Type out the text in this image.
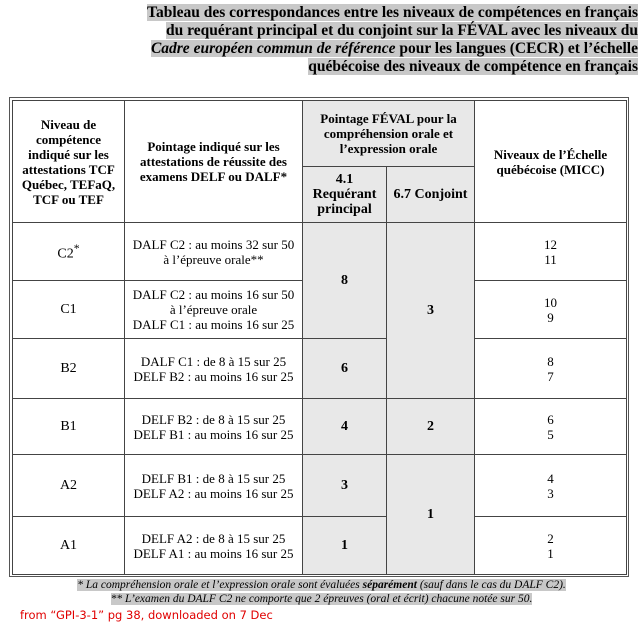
Tableau des correspondances entre les niveaux de compétences en français
du requérant principal et du conjoint sur la FÉVAL avec les niveaux du
Cadre européen commun de référence pour les langues (CECR) et l’échelle
québécoise des niveaux de compétence en français
Niveau de compétence indiqué sur les attestations TCF Québec, TEFaQ, TCF ou TEF	Pointage indiqué sur les attestations de réussite des examens DELF ou DALF*	Pointage FÉVAL pour la compréhension orale et l’expression orale		Niveaux de l’Échelle québécoise (MICC)
		4.1 Requérant principal	6.7 Conjoint	
C2*	DALF C2 : au moins 32 sur 50
à l’épreuve orale**	8	3	12
11
C1	DALF C2 : au moins 16 sur 50
à l’épreuve orale
DALF C1 : au moins 16 sur 25			10
9
B2	DALF C1 : de 8 à 15 sur 25
DELF B2 : au moins 16 sur 25	6		8
7
B1	DELF B2 : de 8 à 15 sur 25
DELF B1 : au moins 16 sur 25	4	2	6
5
A2	DELF B1 : de 8 à 15 sur 25
DELF A2 : au moins 16 sur 25	3	1	4
3
A1	DELF A2 : de 8 à 15 sur 25
DELF A1 : au moins 16 sur 25	1		2
1
* La compréhension orale et l’expression orale sont évaluées séparément (sauf dans le cas du DALF C2).
** L’examen du DALF C2 ne comporte que 2 épreuves (oral et écrit) chacune notée sur 50.
from “GPI-3-1” pg 38, downloaded on 7 Dec
